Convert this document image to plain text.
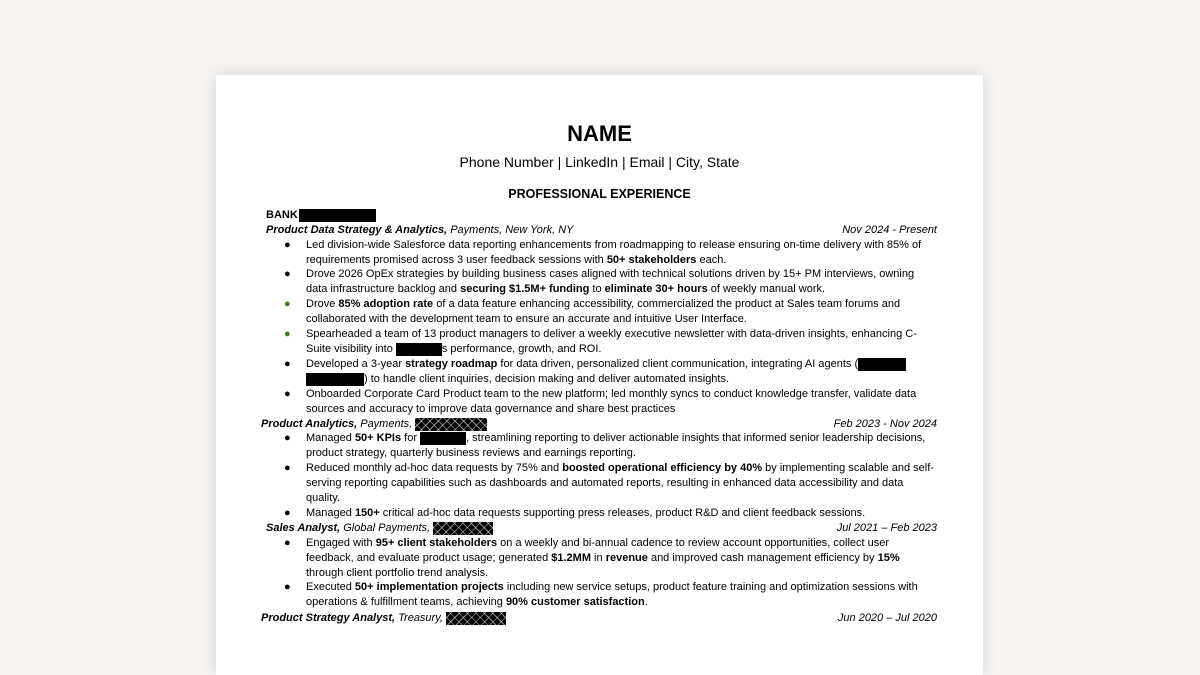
NAME
Phone Number | LinkedIn | Email | City, State
PROFESSIONAL EXPERIENCE
BANK
Product Data Strategy & Analytics, Payments, New York, NY	Nov 2024 - Present
● Led division-wide Salesforce data reporting enhancements from roadmapping to release ensuring on-time delivery with 85% of requirements promised across 3 user feedback sessions with 50+ stakeholders each.
● Drove 2026 OpEx strategies by building business cases aligned with technical solutions driven by 15+ PM interviews, owning data infrastructure backlog and securing $1.5M+ funding to eliminate 30+ hours of weekly manual work.
● Drove 85% adoption rate of a data feature enhancing accessibility, commercialized the product at Sales team forums and collaborated with the development team to ensure an accurate and intuitive User Interface.
● Spearheaded a team of 13 product managers to deliver a weekly executive newsletter with data-driven insights, enhancing C-Suite visibility into	s performance, growth, and ROI.
● Developed a 3-year strategy roadmap for data driven, personalized client communication, integrating AI agents ( ) to handle client inquiries, decision making and deliver automated insights.
● Onboarded Corporate Card Product team to the new platform; led monthly syncs to conduct knowledge transfer, validate data sources and accuracy to improve data governance and share best practices
Product Analytics, Payments,	Feb 2023 - Nov 2024
● Managed 50+ KPIs for	, streamlining reporting to deliver actionable insights that informed senior leadership decisions, product strategy, quarterly business reviews and earnings reporting.
● Reduced monthly ad-hoc data requests by 75% and boosted operational efficiency by 40% by implementing scalable and self-serving reporting capabilities such as dashboards and automated reports, resulting in enhanced data accessibility and data quality.
● Managed 150+ critical ad-hoc data requests supporting press releases, product R&D and client feedback sessions.
Sales Analyst, Global Payments,	Jul 2021 – Feb 2023
● Engaged with 95+ client stakeholders on a weekly and bi-annual cadence to review account opportunities, collect user feedback, and evaluate product usage; generated $1.2MM in revenue and improved cash management efficiency by 15% through client portfolio trend analysis.
● Executed 50+ implementation projects including new service setups, product feature training and optimization sessions with operations & fulfillment teams, achieving 90% customer satisfaction.
Product Strategy Analyst, Treasury,	Jun 2020 – Jul 2020
